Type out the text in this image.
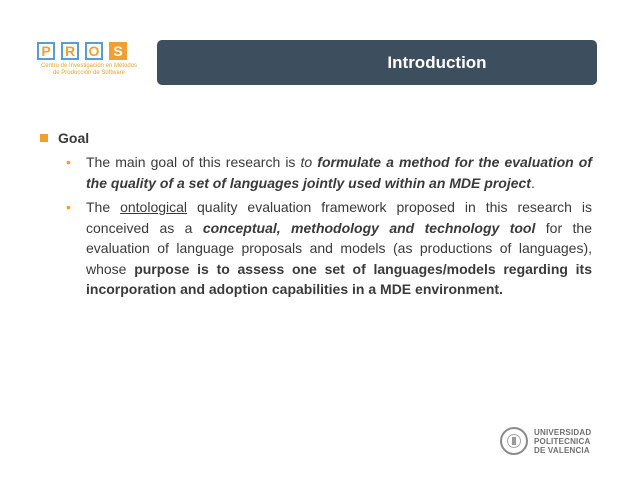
P	R O S
Centro de Investigación en Métodos
de Producción de Software
Introduction
Goal
• The main goal of this research is to formulate a method for the evaluation of the quality of a set of languages jointly used within an MDE project.
• The ontological quality evaluation framework proposed in this research is conceived as a conceptual, methodology and technology tool for the evaluation of language proposals and models (as productions of languages), whose purpose is to assess one set of languages/models regarding its incorporation and adoption capabilities in a MDE environment.
UNIVERSIDAD
POLITECNICA
DE VALENCIA
